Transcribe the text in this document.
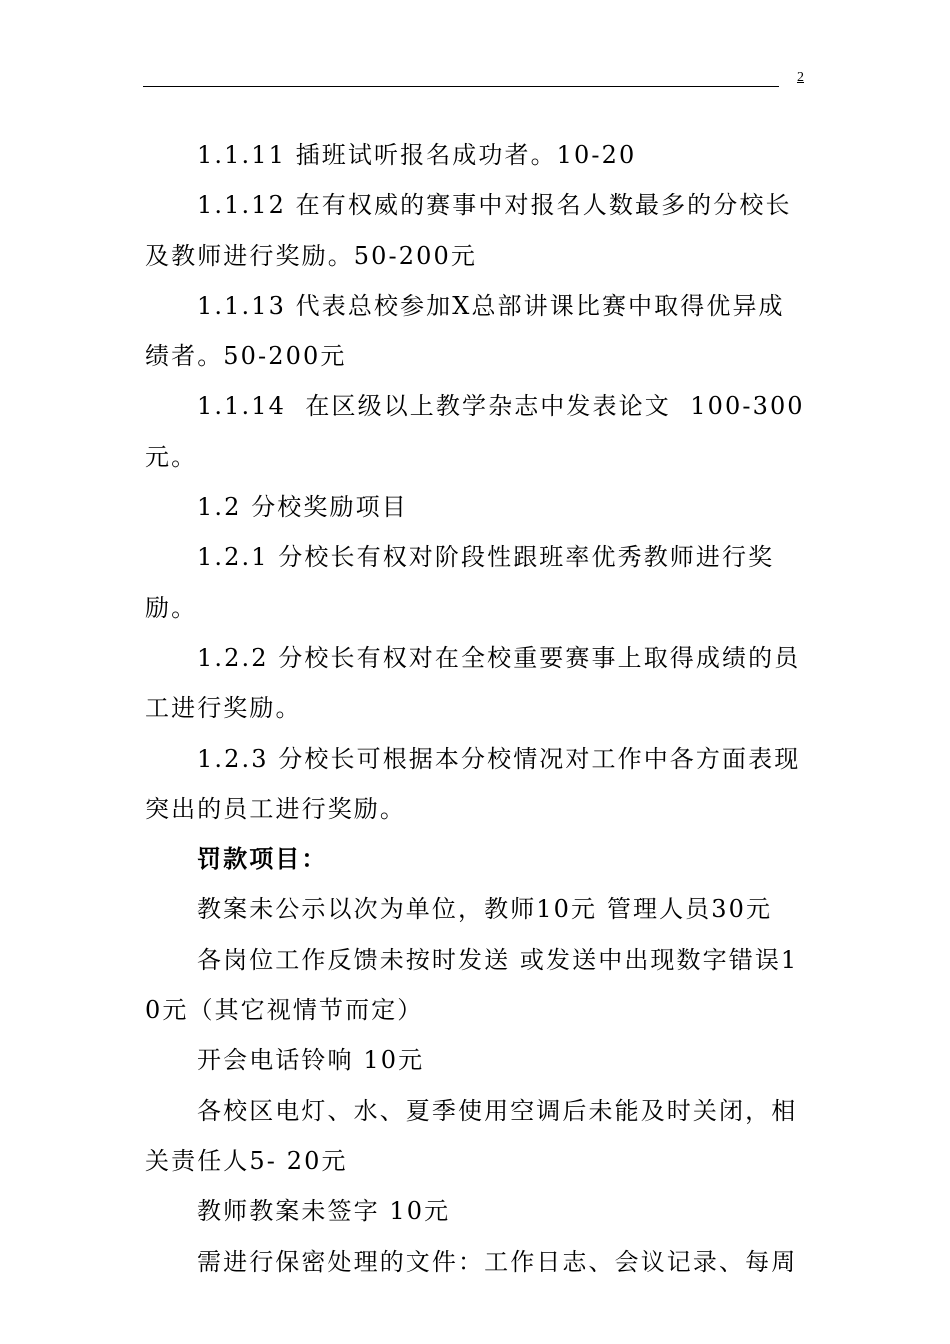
2

1.1.11 插班试听报名成功者。10-20

1.1.12 在有权威的赛事中对报名人数最多的分校长及教师进行奖励。50-200元

1.1.13 代表总校参加X总部讲课比赛中取得优异成绩者。50-200元

1.1.14  在区级以上教学杂志中发表论文  100-300元。

1.2 分校奖励项目

1.2.1 分校长有权对阶段性跟班率优秀教师进行奖励。

1.2.2 分校长有权对在全校重要赛事上取得成绩的员工进行奖励。

1.2.3 分校长可根据本分校情况对工作中各方面表现突出的员工进行奖励。

罚款项目：

教案未公示以次为单位，教师10元 管理人员30元

各岗位工作反馈未按时发送 或发送中出现数字错误10元（其它视情节而定）

开会电话铃响 10元

各校区电灯、水、夏季使用空调后未能及时关闭，相关责任人5- 20元

教师教案未签字 10元

需进行保密处理的文件：工作日志、会议记录、每周
